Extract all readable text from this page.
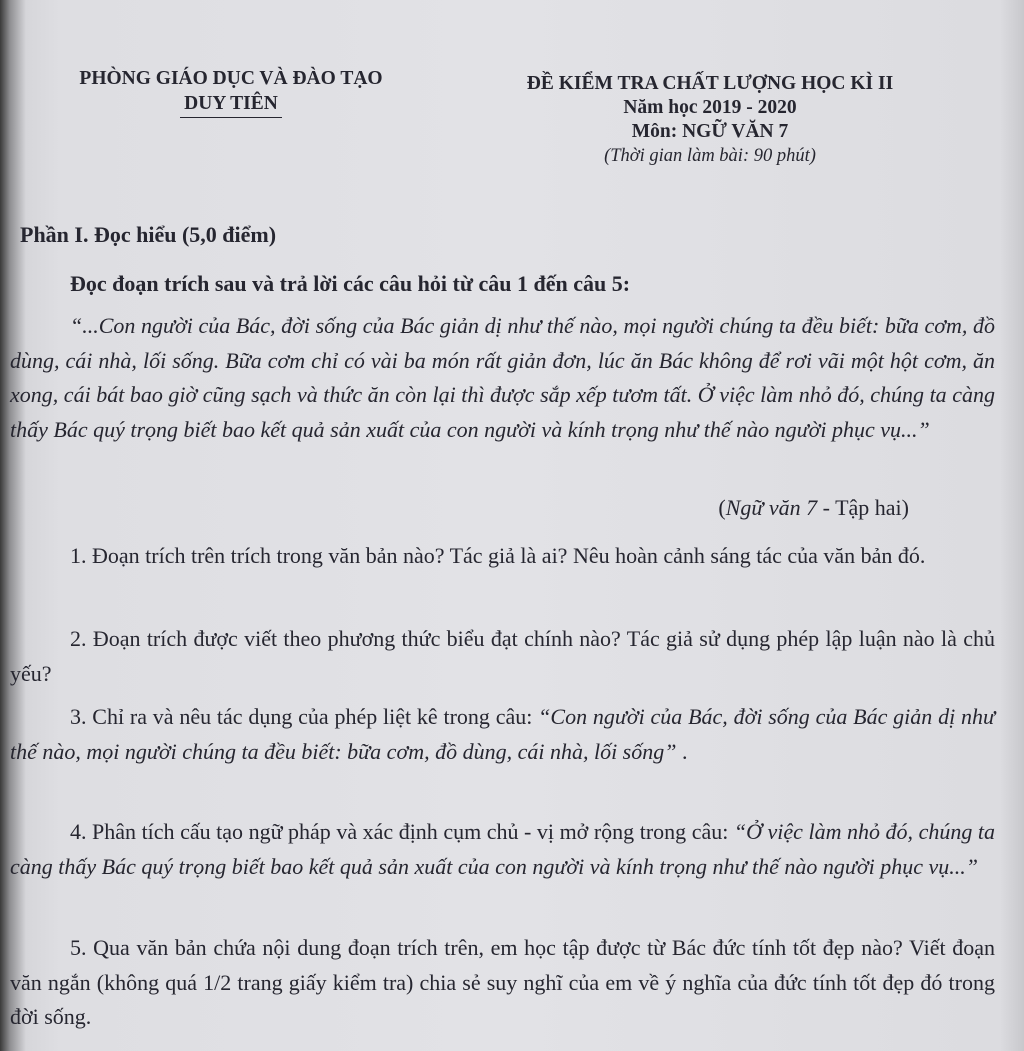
PHÒNG GIÁO DỤC VÀ ĐÀO TẠO
DUY TIÊN
ĐỀ KIỂM TRA CHẤT LƯỢNG HỌC KÌ II
Năm học 2019 - 2020
Môn: NGỮ VĂN 7
(Thời gian làm bài: 90 phút)
Phần I. Đọc hiểu (5,0 điểm)
Đọc đoạn trích sau và trả lời các câu hỏi từ câu 1 đến câu 5:

“...Con người của Bác, đời sống của Bác giản dị như thế nào, mọi người chúng ta đều biết: bữa cơm, đồ dùng, cái nhà, lối sống. Bữa cơm chỉ có vài ba món rất giản đơn, lúc ăn Bác không để rơi vãi một hột cơm, ăn xong, cái bát bao giờ cũng sạch và thức ăn còn lại thì được sắp xếp tươm tất. Ở việc làm nhỏ đó, chúng ta càng thấy Bác quý trọng biết bao kết quả sản xuất của con người và kính trọng như thế nào người phục vụ...”

(Ngữ văn 7 - Tập hai)

1. Đoạn trích trên trích trong văn bản nào? Tác giả là ai? Nêu hoàn cảnh sáng tác của văn bản đó.

2. Đoạn trích được viết theo phương thức biểu đạt chính nào? Tác giả sử dụng phép lập luận nào là chủ yếu?

3. Chỉ ra và nêu tác dụng của phép liệt kê trong câu: “Con người của Bác, đời sống của Bác giản dị như thế nào, mọi người chúng ta đều biết: bữa cơm, đồ dùng, cái nhà, lối sống” .

4. Phân tích cấu tạo ngữ pháp và xác định cụm chủ - vị mở rộng trong câu: “Ở việc làm nhỏ đó, chúng ta càng thấy Bác quý trọng biết bao kết quả sản xuất của con người và kính trọng như thế nào người phục vụ...”

5. Qua văn bản chứa nội dung đoạn trích trên, em học tập được từ Bác đức tính tốt đẹp nào? Viết đoạn văn ngắn (không quá 1/2 trang giấy kiểm tra) chia sẻ suy nghĩ của em về ý nghĩa của đức tính tốt đẹp đó trong đời sống.
